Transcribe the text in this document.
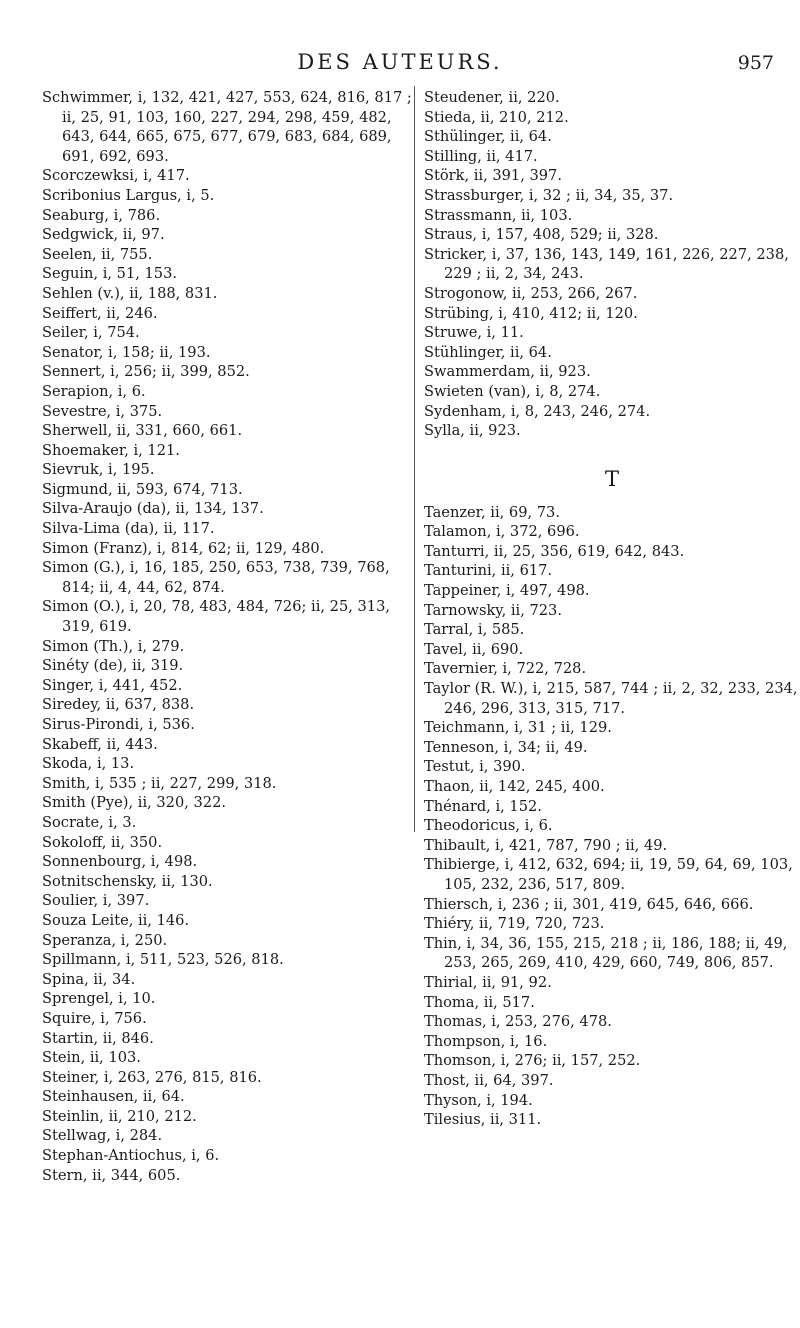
DES AUTEURS.	957
Schwimmer, i, 132, 421, 427, 553, 624, 816, 817 ; ii, 25, 91, 103, 160, 227, 294, 298, 459, 482, 643, 644, 665, 675, 677, 679, 683, 684, 689, 691, 692, 693.
Scorczewksi, i, 417.
Scribonius Largus, i, 5.
Seaburg, i, 786.
Sedgwick, ii, 97.
Seelen, ii, 755.
Seguin, i, 51, 153.
Sehlen (v.), ii, 188, 831.
Seiffert, ii, 246.
Seiler, i, 754.
Senator, i, 158; ii, 193.
Sennert, i, 256; ii, 399, 852.
Serapion, i, 6.
Sevestre, i, 375.
Sherwell, ii, 331, 660, 661.
Shoemaker, i, 121.
Sievruk, i, 195.
Sigmund, ii, 593, 674, 713.
Silva-Araujo (da), ii, 134, 137.
Silva-Lima (da), ii, 117.
Simon (Franz), i, 814, 62; ii, 129, 480.
Simon (G.), i, 16, 185, 250, 653, 738, 739, 768, 814; ii, 4, 44, 62, 874.
Simon (O.), i, 20, 78, 483, 484, 726; ii, 25, 313, 319, 619.
Simon (Th.), i, 279.
Sinéty (de), ii, 319.
Singer, i, 441, 452.
Siredey, ii, 637, 838.
Sirus-Pirondi, i, 536.
Skabeff, ii, 443.
Skoda, i, 13.
Smith, i, 535 ; ii, 227, 299, 318.
Smith (Pye), ii, 320, 322.
Socrate, i, 3.
Sokoloff, ii, 350.
Sonnenbourg, i, 498.
Sotnitschensky, ii, 130.
Soulier, i, 397.
Souza Leite, ii, 146.
Speranza, i, 250.
Spillmann, i, 511, 523, 526, 818.
Spina, ii, 34.
Sprengel, i, 10.
Squire, i, 756.
Startin, ii, 846.
Stein, ii, 103.
Steiner, i, 263, 276, 815, 816.
Steinhausen, ii, 64.
Steinlin, ii, 210, 212.
Stellwag, i, 284.
Stephan-Antiochus, i, 6.
Stern, ii, 344, 605.
Steudener, ii, 220.
Stieda, ii, 210, 212.
Sthülinger, ii, 64.
Stilling, ii, 417.
Störk, ii, 391, 397.
Strassburger, i, 32 ; ii, 34, 35, 37.
Strassmann, ii, 103.
Straus, i, 157, 408, 529; ii, 328.
Stricker, i, 37, 136, 143, 149, 161, 226, 227, 238, 229 ; ii, 2, 34, 243.
Strogonow, ii, 253, 266, 267.
Strübing, i, 410, 412; ii, 120.
Struwe, i, 11.
Stühlinger, ii, 64.
Swammerdam, ii, 923.
Swieten (van), i, 8, 274.
Sydenham, i, 8, 243, 246, 274.
Sylla, ii, 923.
T
Taenzer, ii, 69, 73.
Talamon, i, 372, 696.
Tanturri, ii, 25, 356, 619, 642, 843.
Tanturini, ii, 617.
Tappeiner, i, 497, 498.
Tarnowsky, ii, 723.
Tarral, i, 585.
Tavel, ii, 690.
Tavernier, i, 722, 728.
Taylor (R. W.), i, 215, 587, 744 ; ii, 2, 32, 233, 234, 246, 296, 313, 315, 717.
Teichmann, i, 31 ; ii, 129.
Tenneson, i, 34; ii, 49.
Testut, i, 390.
Thaon, ii, 142, 245, 400.
Thénard, i, 152.
Theodoricus, i, 6.
Thibault, i, 421, 787, 790 ; ii, 49.
Thibierge, i, 412, 632, 694; ii, 19, 59, 64, 69, 103, 105, 232, 236, 517, 809.
Thiersch, i, 236 ; ii, 301, 419, 645, 646, 666.
Thiéry, ii, 719, 720, 723.
Thin, i, 34, 36, 155, 215, 218 ; ii, 186, 188; ii, 49, 253, 265, 269, 410, 429, 660, 749, 806, 857.
Thirial, ii, 91, 92.
Thoma, ii, 517.
Thomas, i, 253, 276, 478.
Thompson, i, 16.
Thomson, i, 276; ii, 157, 252.
Thost, ii, 64, 397.
Thyson, i, 194.
Tilesius, ii, 311.
